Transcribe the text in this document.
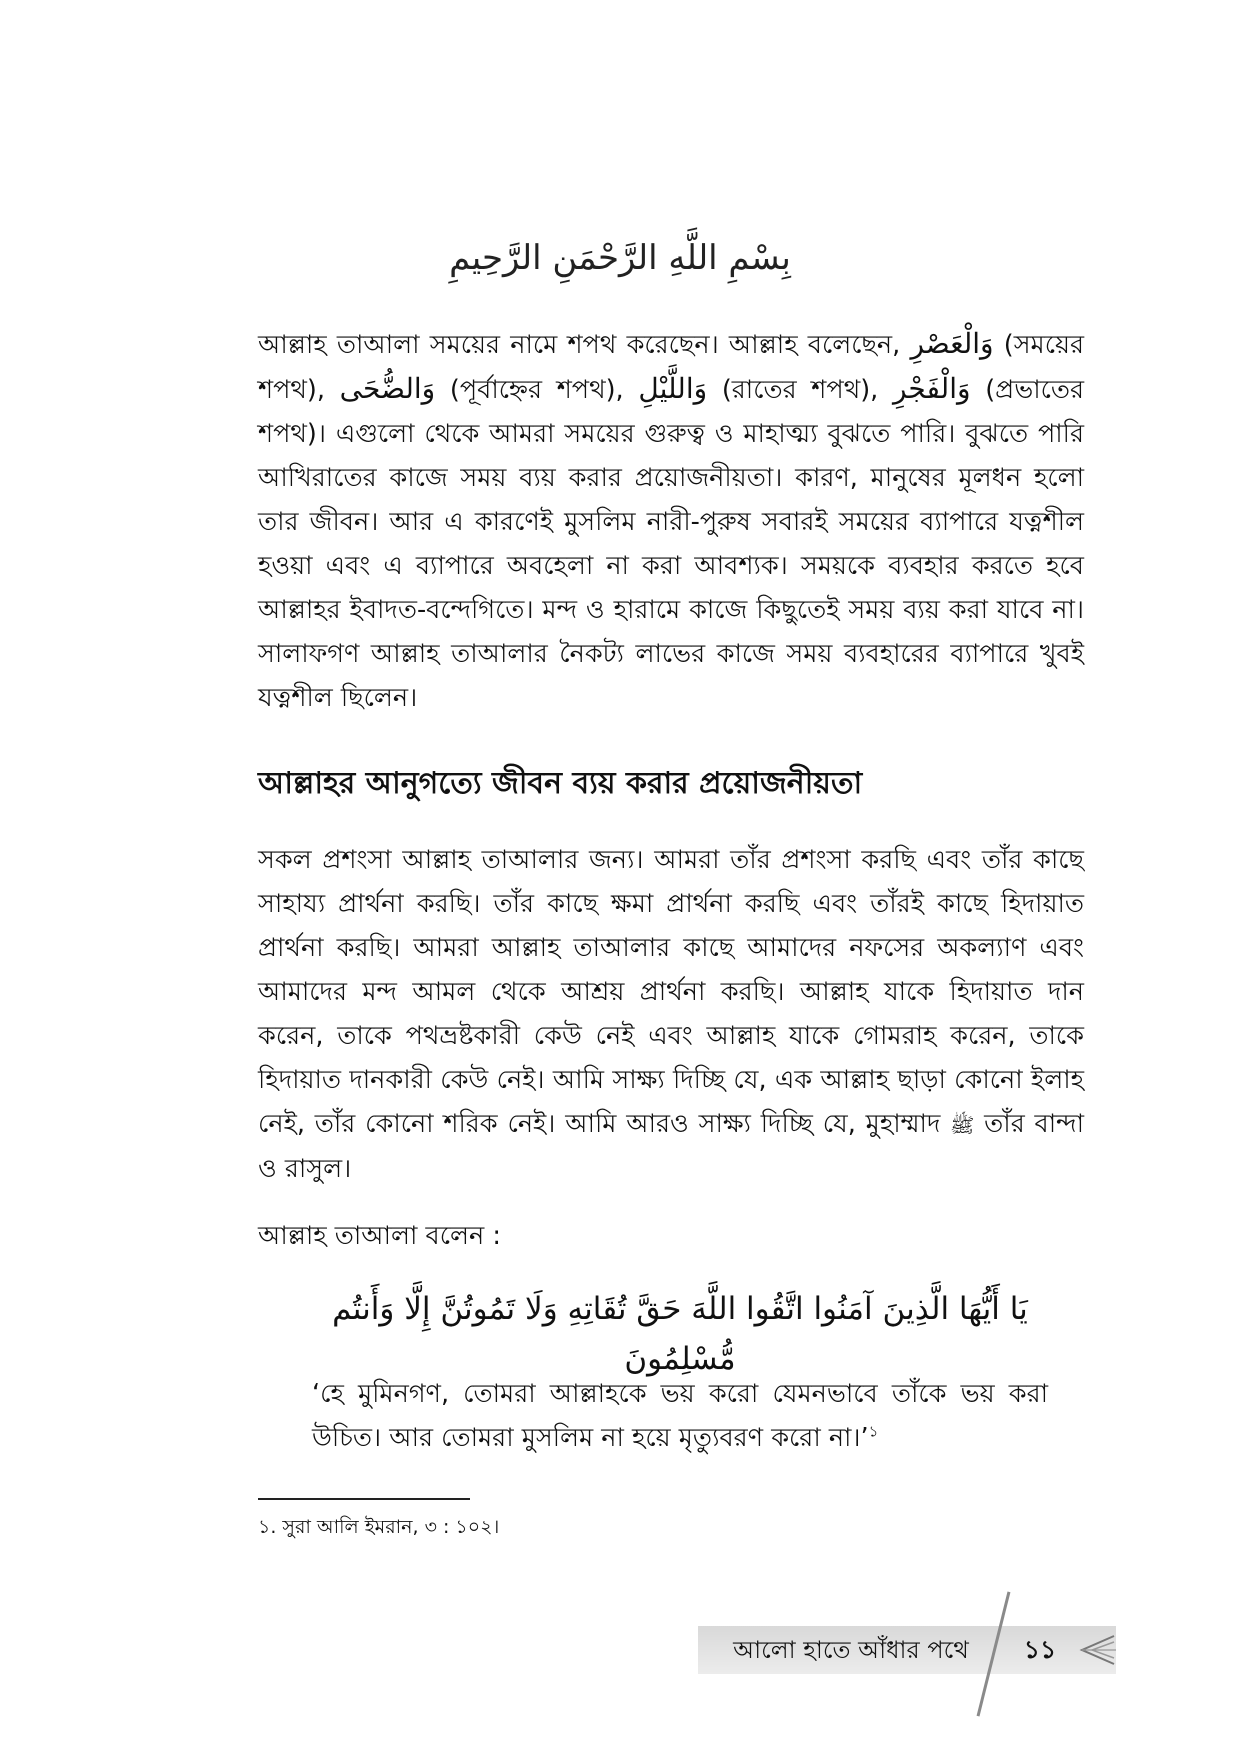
بِسْمِ اللَّهِ الرَّحْمَنِ الرَّحِيمِ

আল্লাহ তাআলা সময়ের নামে শপথ করেছেন। আল্লাহ বলেছেন, وَالْعَصْرِ (সময়ের শপথ), وَالضُّحَى (পূর্বাহ্নের শপথ), وَاللَّيْلِ (রাতের শপথ), وَالْفَجْرِ (প্রভাতের শপথ)। এগুলো থেকে আমরা সময়ের গুরুত্ব ও মাহাত্ম্য বুঝতে পারি। বুঝতে পারি আখিরাতের কাজে সময় ব্যয় করার প্রয়োজনীয়তা। কারণ, মানুষের মূলধন হলো তার জীবন। আর এ কারণেই মুসলিম নারী-পুরুষ সবারই সময়ের ব্যাপারে যত্নশীল হওয়া এবং এ ব্যাপারে অবহেলা না করা আবশ্যক। সময়কে ব্যবহার করতে হবে আল্লাহর ইবাদত-বন্দেগিতে। মন্দ ও হারামে কাজে কিছুতেই সময় ব্যয় করা যাবে না। সালাফগণ আল্লাহ তাআলার নৈকট্য লাভের কাজে সময় ব্যবহারের ব্যাপারে খুবই যত্নশীল ছিলেন।

আল্লাহর আনুগত্যে জীবন ব্যয় করার প্রয়োজনীয়তা

সকল প্রশংসা আল্লাহ তাআলার জন্য। আমরা তাঁর প্রশংসা করছি এবং তাঁর কাছে সাহায্য প্রার্থনা করছি। তাঁর কাছে ক্ষমা প্রার্থনা করছি এবং তাঁরই কাছে হিদায়াত প্রার্থনা করছি। আমরা আল্লাহ তাআলার কাছে আমাদের নফসের অকল্যাণ এবং আমাদের মন্দ আমল থেকে আশ্রয় প্রার্থনা করছি। আল্লাহ যাকে হিদায়াত দান করেন, তাকে পথভ্রষ্টকারী কেউ নেই এবং আল্লাহ যাকে গোমরাহ করেন, তাকে হিদায়াত দানকারী কেউ নেই। আমি সাক্ষ্য দিচ্ছি যে, এক আল্লাহ ছাড়া কোনো ইলাহ নেই, তাঁর কোনো শরিক নেই। আমি আরও সাক্ষ্য দিচ্ছি যে, মুহাম্মাদ ﷺ তাঁর বান্দা ও রাসুল।

আল্লাহ তাআলা বলেন :
يَا أَيُّهَا الَّذِينَ آمَنُوا اتَّقُوا اللَّهَ حَقَّ تُقَاتِهِ وَلَا تَمُوتُنَّ إِلَّا وَأَنتُم مُّسْلِمُونَ

‘হে মুমিনগণ, তোমরা আল্লাহকে ভয় করো যেমনভাবে তাঁকে ভয় করা উচিত। আর তোমরা মুসলিম না হয়ে মৃত্যুবরণ করো না।’$^১$

১. সুরা আলি ইমরান, ৩ : ১০২।
আলো হাতে আঁধার পথে	১১
